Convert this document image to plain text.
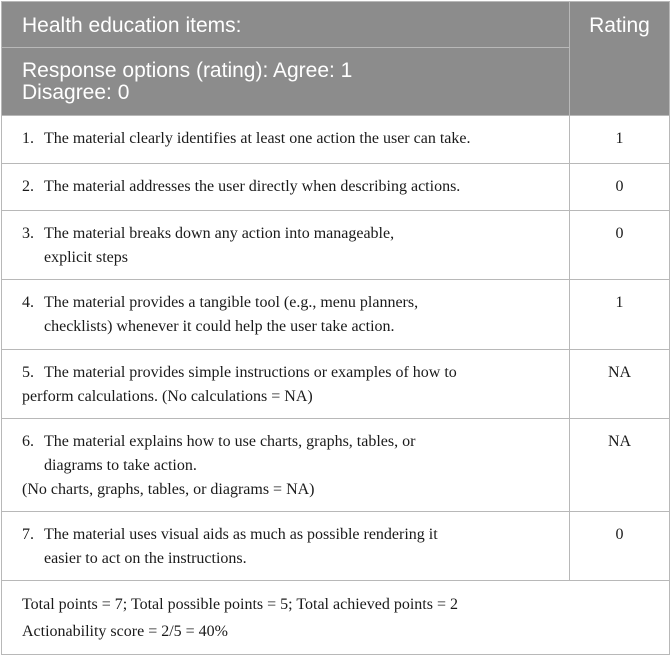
Health education items:	Rating

Response options (rating): Agree: 1
Disagree: 0	

1. The material clearly identifies at least one action the user can take.	1
2. The material addresses the user directly when describing actions.	0

3. The material breaks down any action into manageable,
explicit steps	0

4. The material provides a tangible tool (e.g., menu planners,
checklists) whenever it could help the user take action.	1

5. The material provides simple instructions or examples of how to
perform calculations. (No calculations = NA)	NA

6. The material explains how to use charts, graphs, tables, or
diagrams to take action.
(No charts, graphs, tables, or diagrams = NA)	NA

7. The material uses visual aids as much as possible rendering it
easier to act on the instructions.	0

Total points = 7; Total possible points = 5; Total achieved points = 2
Actionability score = 2/5 = 40%	
